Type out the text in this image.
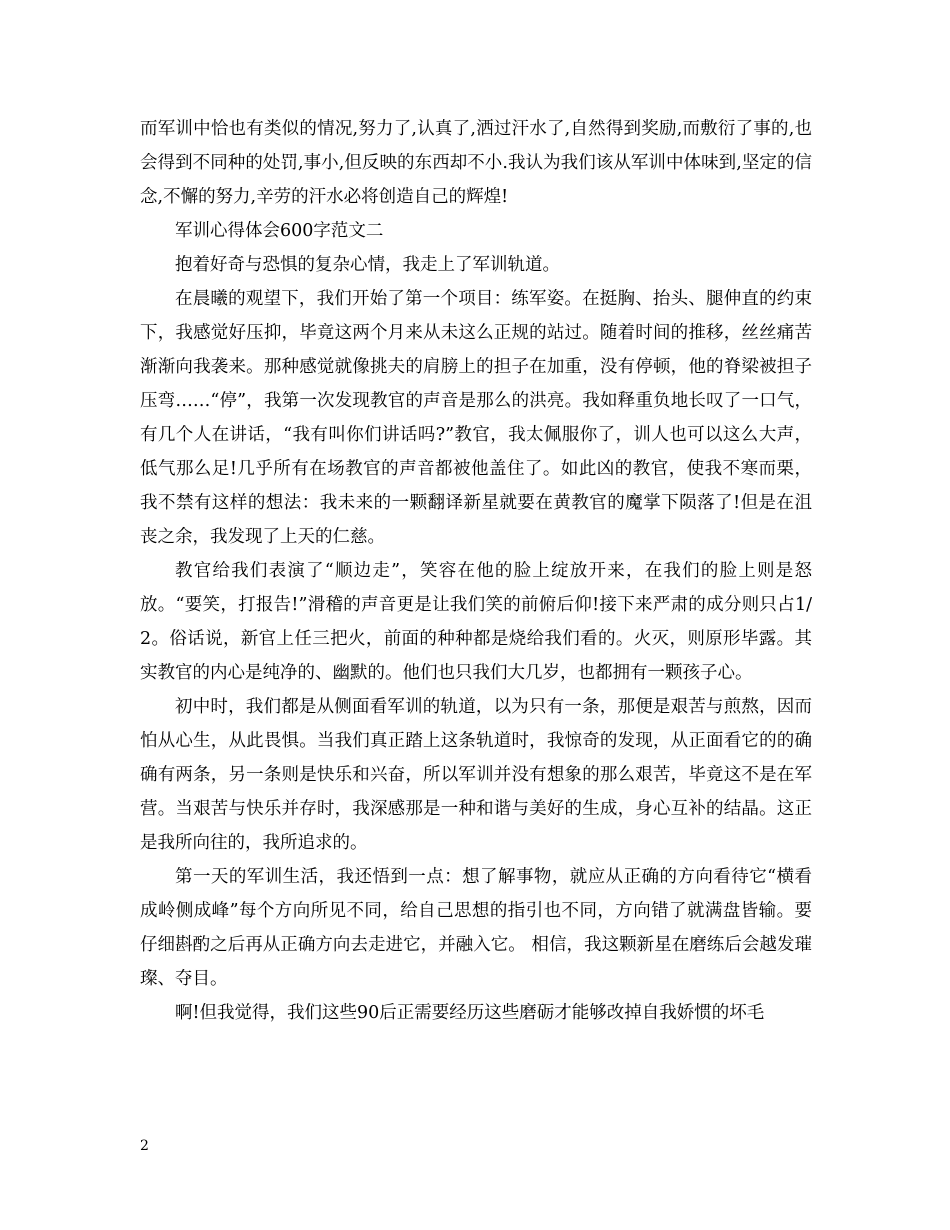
而军训中恰也有类似的情况,努力了,认真了,洒过汗水了,自然得到奖励,而敷衍了事的,也会得到不同种的处罚,事小,但反映的东西却不小.我认为我们该从军训中体味到,坚定的信念,不懈的努力,辛劳的汗水必将创造自己的辉煌!

军训心得体会600字范文二

抱着好奇与恐惧的复杂心情，我走上了军训轨道。

在晨曦的观望下，我们开始了第一个项目：练军姿。在挺胸、抬头、腿伸直的约束下，我感觉好压抑，毕竟这两个月来从未这么正规的站过。随着时间的推移，丝丝痛苦渐渐向我袭来。那种感觉就像挑夫的肩膀上的担子在加重，没有停顿，他的脊梁被担子压弯……“停”，我第一次发现教官的声音是那么的洪亮。我如释重负地长叹了一口气，有几个人在讲话，“我有叫你们讲话吗?”教官，我太佩服你了，训人也可以这么大声，低气那么足!几乎所有在场教官的声音都被他盖住了。如此凶的教官，使我不寒而栗，我不禁有这样的想法：我未来的一颗翻译新星就要在黄教官的魔掌下陨落了!但是在沮丧之余，我发现了上天的仁慈。

教官给我们表演了“顺边走”，笑容在他的脸上绽放开来，在我们的脸上则是怒放。“要笑，打报告!”滑稽的声音更是让我们笑的前俯后仰!接下来严肃的成分则只占1/2。俗话说，新官上任三把火，前面的种种都是烧给我们看的。火灭，则原形毕露。其实教官的内心是纯净的、幽默的。他们也只我们大几岁，也都拥有一颗孩子心。

初中时，我们都是从侧面看军训的轨道，以为只有一条，那便是艰苦与煎熬，因而怕从心生，从此畏惧。当我们真正踏上这条轨道时，我惊奇的发现，从正面看它的的确确有两条，另一条则是快乐和兴奋，所以军训并没有想象的那么艰苦，毕竟这不是在军营。当艰苦与快乐并存时，我深感那是一种和谐与美好的生成，身心互补的结晶。这正是我所向往的，我所追求的。

第一天的军训生活，我还悟到一点：想了解事物，就应从正确的方向看待它“横看成岭侧成峰”每个方向所见不同，给自己思想的指引也不同，方向错了就满盘皆输。要仔细斟酌之后再从正确方向去走进它，并融入它。 相信，我这颗新星在磨练后会越发璀璨、夺目。

啊!但我觉得，我们这些90后正需要经历这些磨砺才能够改掉自我娇惯的坏毛

2
